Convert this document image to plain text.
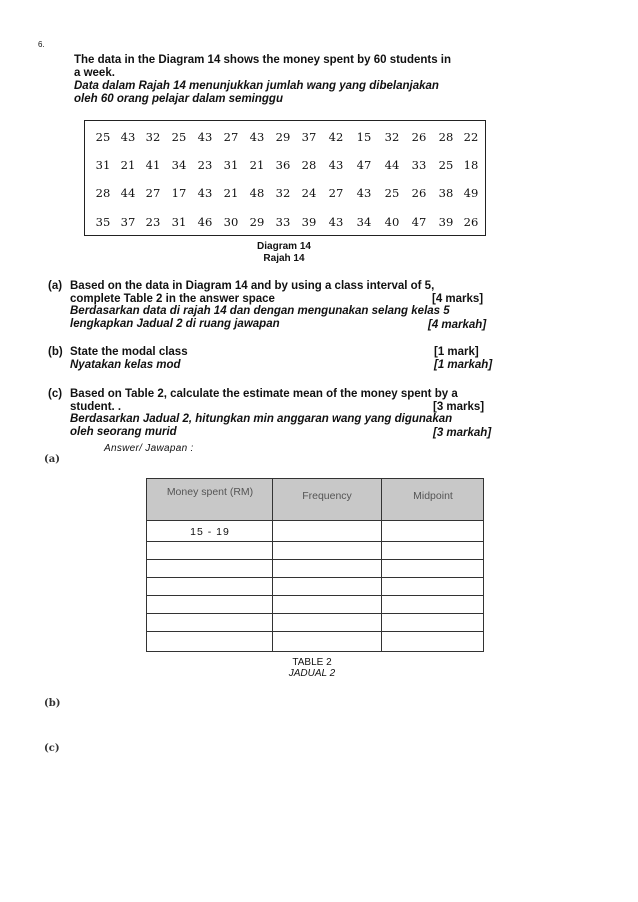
6.
The data in the Diagram 14 shows the money spent by 60 students in
a week.
Data dalam Rajah 14 menunjukkan jumlah wang yang dibelanjakan
oleh 60 orang pelajar dalam seminggu
25 43 32 25 43 27 43 29 37	42	15	32	26	28 22
31 21 41 34 23 31 21 36 28	43	47	44	33	25 18
28 44 27 17 43 21 48 32 24	27	43	25	26	38 49
35 37 23 31 46 30 29 33 39	43	34	40	47	39 26
Diagram 14
Rajah 14
(a) Based on the data in Diagram 14 and by using a class interval of 5,
complete Table 2 in the answer space
Berdasarkan data di rajah 14 dan dengan mengunakan selang kelas 5
lengkapkan Jadual 2 di ruang jawapan
[4 marks]
[4 markah]
(b) State the modal class
Nyatakan kelas mod
[1 mark]
[1 markah]
(c) Based on Table 2, calculate the estimate mean of the money spent by a
student. .
Berdasarkan Jadual 2, hitungkan min anggaran wang yang digunakan
oleh seorang murid
[3 marks]
[3 markah]
Answer/ Jawapan :
(a)
Money spent (RM)	Frequency	Midpoint
15 - 19
TABLE 2
JADUAL 2
(b)
(c)
